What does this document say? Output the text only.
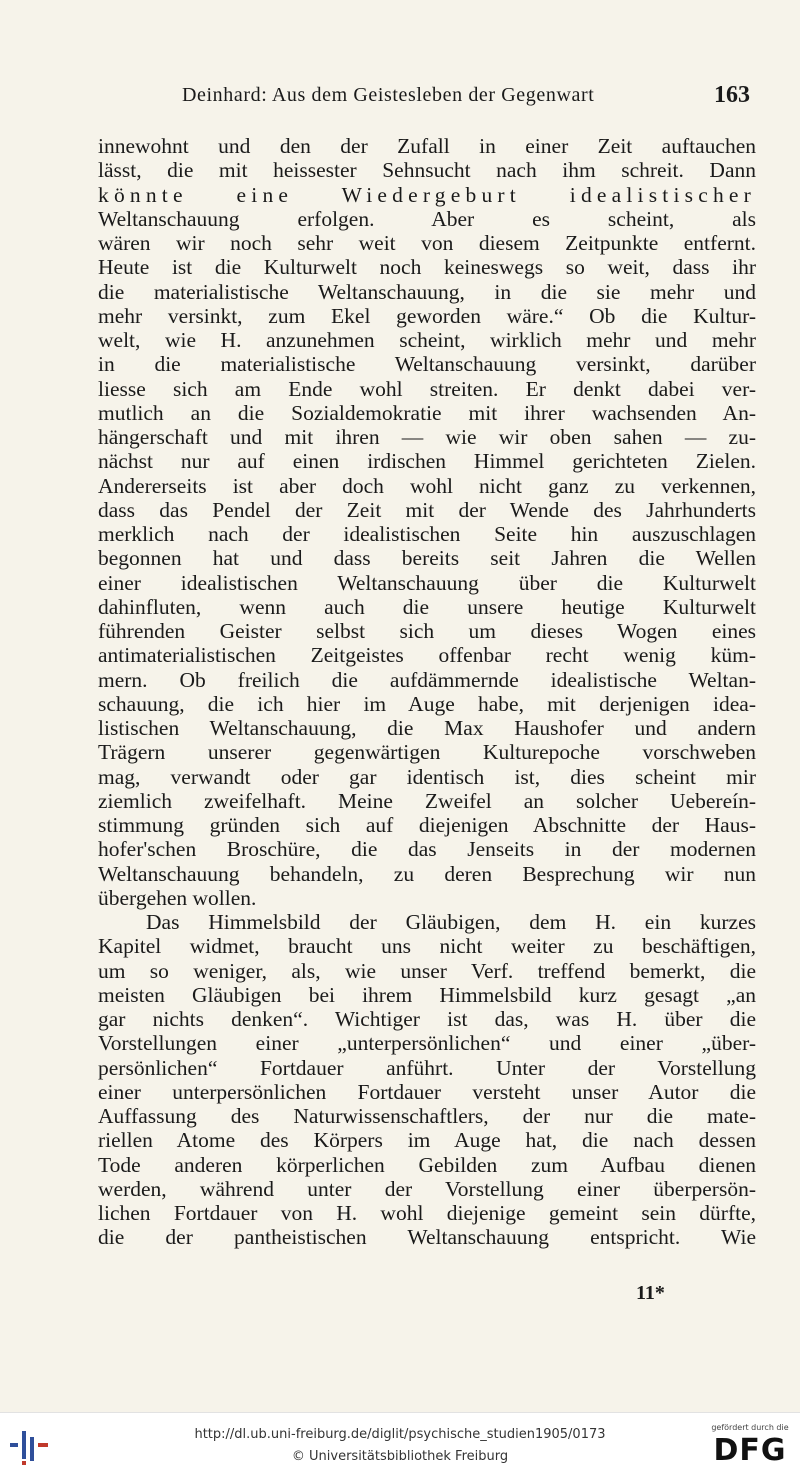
Deinhard: Aus dem Geistesleben der Gegenwart	163
innewohnt und den der Zufall in einer Zeit auftauchen
lässt, die mit heissester Sehnsucht nach ihm schreit. Dann
könnte eine Wiedergeburt idealistischer
Weltanschauung erfolgen. Aber es scheint, als
wären wir noch sehr weit von diesem Zeitpunkte entfernt.
Heute ist die Kulturwelt noch keineswegs so weit, dass ihr
die materialistische Weltanschauung, in die sie mehr und
mehr versinkt, zum Ekel geworden wäre.“ Ob die Kultur-
welt, wie H. anzunehmen scheint, wirklich mehr und mehr
in die materialistische Weltanschauung versinkt, darüber
liesse sich am Ende wohl streiten. Er denkt dabei ver-
mutlich an die Sozialdemokratie mit ihrer wachsenden An-
hängerschaft und mit ihren — wie wir oben sahen — zu-
nächst nur auf einen irdischen Himmel gerichteten Zielen.
Andererseits ist aber doch wohl nicht ganz zu verkennen,
dass das Pendel der Zeit mit der Wende des Jahrhunderts
merklich nach der idealistischen Seite hin auszuschlagen
begonnen hat und dass bereits seit Jahren die Wellen
einer idealistischen Weltanschauung über die Kulturwelt
dahinfluten, wenn auch die unsere heutige Kulturwelt
führenden Geister selbst sich um dieses Wogen eines
antimaterialistischen Zeitgeistes offenbar recht wenig küm-
mern. Ob freilich die aufdämmernde idealistische Weltan-
schauung, die ich hier im Auge habe, mit derjenigen idea-
listischen Weltanschauung, die Max Haushofer und andern
Trägern unserer gegenwärtigen Kulturepoche vorschweben
mag, verwandt oder gar identisch ist, dies scheint mir
ziemlich zweifelhaft. Meine Zweifel an solcher Uebereín-
stimmung gründen sich auf diejenigen Abschnitte der Haus-
hofer'schen Broschüre, die das Jenseits in der modernen
Weltanschauung behandeln, zu deren Besprechung wir nun
übergehen wollen.
Das Himmelsbild der Gläubigen, dem H. ein kurzes
Kapitel widmet, braucht uns nicht weiter zu beschäftigen,
um so weniger, als, wie unser Verf. treffend bemerkt, die
meisten Gläubigen bei ihrem Himmelsbild kurz gesagt „an
gar nichts denken“. Wichtiger ist das, was H. über die
Vorstellungen einer „unterpersönlichen“ und einer „über-
persönlichen“ Fortdauer anführt. Unter der Vorstellung
einer unterpersönlichen Fortdauer versteht unser Autor die
Auffassung des Naturwissenschaftlers, der nur die mate-
riellen Atome des Körpers im Auge hat, die nach dessen
Tode anderen körperlichen Gebilden zum Aufbau dienen
werden, während unter der Vorstellung einer überpersön-
lichen Fortdauer von H. wohl diejenige gemeint sein dürfte,
die der pantheistischen Weltanschauung entspricht. Wie
11*
http://dl.ub.uni-freiburg.de/diglit/psychische_studien1905/0173
© Universitätsbibliothek Freiburg
gefördert durch die
DFG
